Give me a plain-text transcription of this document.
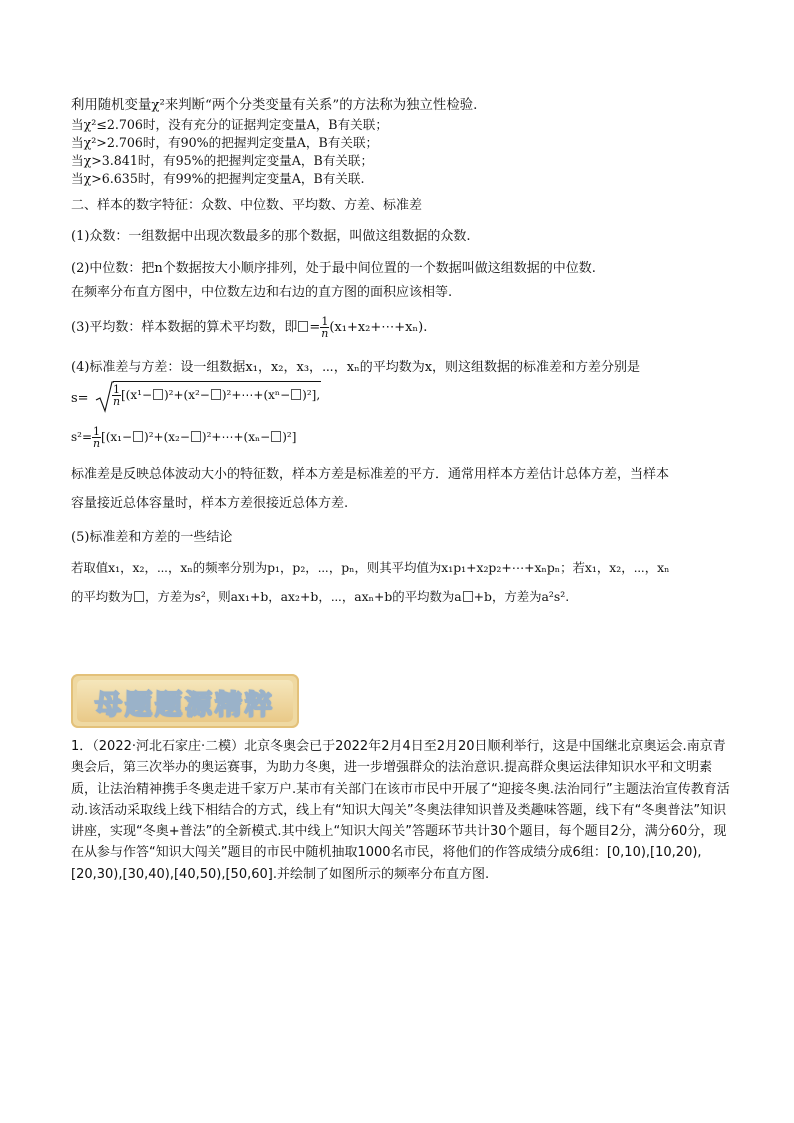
利用随机变量χ²来判断“两个分类变量有关系”的方法称为独立性检验.
当χ²≤2.706时，没有充分的证据判定变量A，B有关联；
当χ²>2.706时，有90%的把握判定变量A，B有关联；
当χ>3.841时，有95%的把握判定变量A，B有关联；
当χ>6.635时，有99%的把握判定变量A，B有关联.
二、样本的数字特征：众数、中位数、平均数、方差、标准差
(1)众数：一组数据中出现次数最多的那个数据，叫做这组数据的众数.
(2)中位数：把n个数据按大小顺序排列，处于最中间位置的一个数据叫做这组数据的中位数.
在频率分布直方图中，中位数左边和右边的直方图的面积应该相等.
(3)平均数：样本数据的算术平均数，即 = $\frac{1}{n}$ (x₁+x₂+⋯+xₙ).
(4)标准差与方差：设一组数据x₁，x₂，x₃，⋯，xₙ的平均数为x，则这组数据的标准差和方差分别是
$s= \frac{1}{n} [(x^1- )^2+(x^2-$ )²+⋯+(xⁿ− )²],
$s^2= \frac{1}{n} [(x_1- )^2+(x_2-$ )²+⋯+(xₙ− )²]
标准差是反映总体波动大小的特征数，样本方差是标准差的平方．通常用样本方差估计总体方差，当样本
容量接近总体容量时，样本方差很接近总体方差.
(5)标准差和方差的一些结论
若取值x₁，x₂，⋯，xₙ的频率分别为p₁，p₂，⋯，pₙ，则其平均值为x₁p₁+x₂p₂+⋯+xₙpₙ；若x₁，x₂，⋯，xₙ
的平均数为 ，方差为s²，则ax₁+b，ax₂+b，⋯，axₙ+b的平均数为a +b，方差为a²s².
母题题源精粹
1．（2022·河北石家庄·二模）北京冬奥会已于2022年2月4日至2月20日顺利举行，这是中国继北京奥运会.南京青奥会后，第三次举办的奥运赛事，为助力冬奥，进一步增强群众的法治意识.提高群众奥运法律知识水平和文明素质，让法治精神携手冬奥走进千家万户.某市有关部门在该市市民中开展了“迎接冬奥.法治同行”主题法治宣传教育活动.该活动采取线上线下相结合的方式，线上有“知识大闯关”冬奥法律知识普及类趣味答题，线下有“冬奥普法”知识讲座，实现“冬奥+普法”的全新模式.其中线上“知识大闯关”答题环节共计30个题目，每个题目2分，满分60分，现在从参与作答“知识大闯关”题目的市民中随机抽取1000名市民，将他们的作答成绩分成6组：[0,10),[10,20),[20,30),[30,40),[40,50),[50,60].并绘制了如图所示的频率分布直方图.
